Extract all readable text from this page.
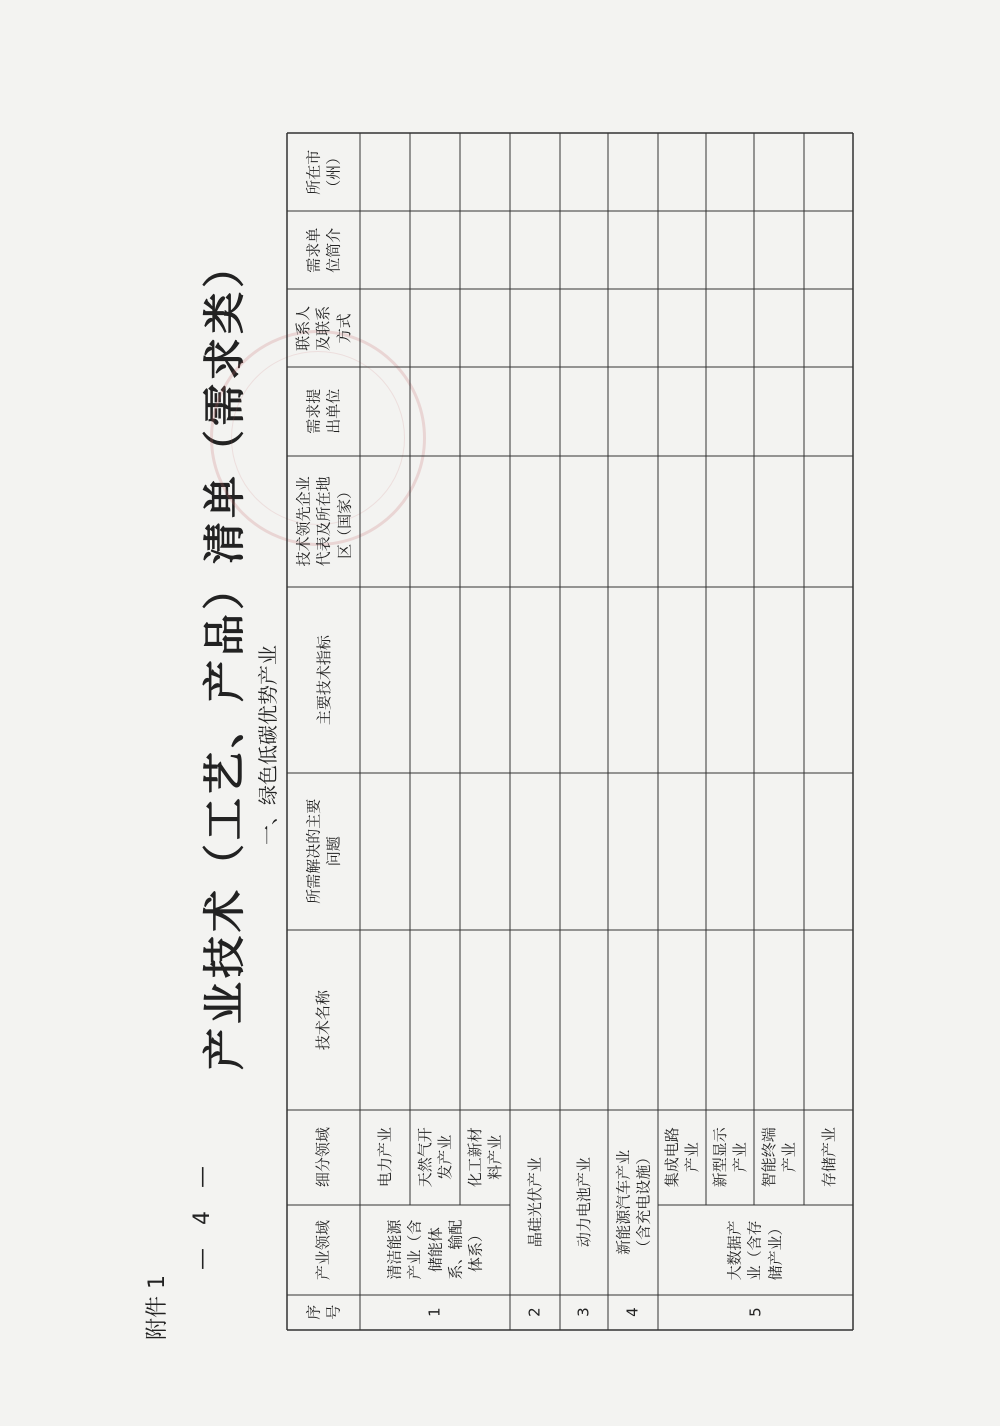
附件 1
产业技术（工艺、产品）清单（需求类） 一、绿色低碳优势产业
— 4 —
序
号
产业领域
细分领域
技术名称
所需解决的主要
问题
主要技术指标
技术领先企业
代表及所在地
区（国家）
需求提
出单位
联系人
及联系
方式
需求单
位简介
所在市
（州）
1
清洁能源
产业（含
储能体
系、输配
体系）
电力产业 天然气开
发产业 化工新材
料产业
2
晶硅光伏产业
3
动力电池产业
4
新能源汽车产业
（含充电设施）
5
大数据产
业（含存
储产业）
集成电路
产业 新型显示
产业 智能终端
产业 存储产业
